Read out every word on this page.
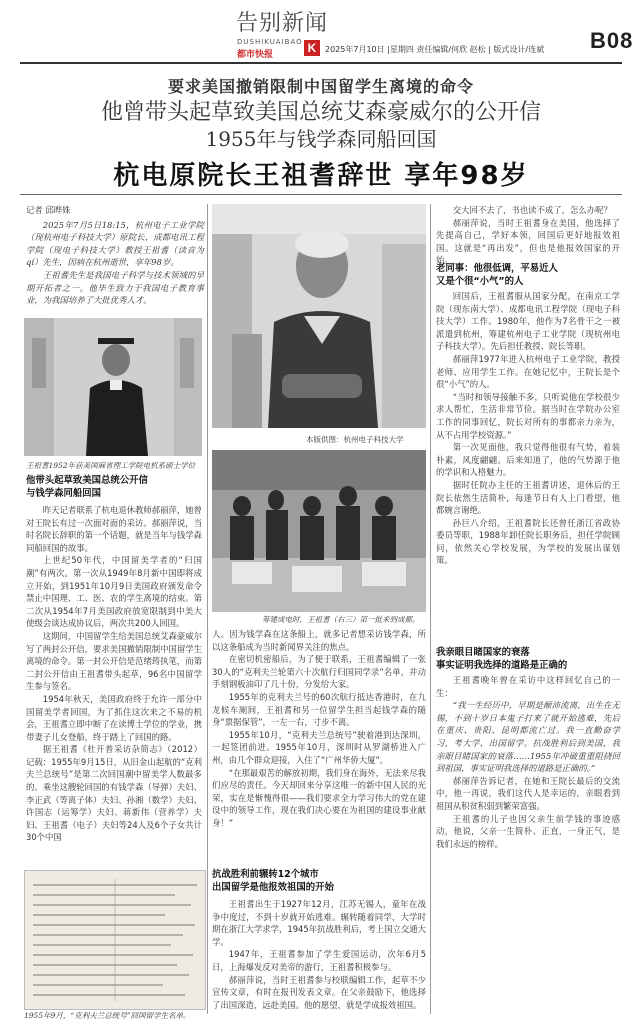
告别新闻
DUSHIKUAIBAO
都市快报	K	2025年7月10日 |星期四 责任编辑/何欣 赵松 | 版式设计/连斌 B08
要求美国撤销限制中国留学生离境的命令
他曾带头起草致美国总统艾森豪威尔的公开信
1955年与钱学森同船回国
杭电原院长王祖耆辞世 享年98岁

记者 邱晔姝

2025年7月5日18:15，杭州电子工业学院（现杭州电子科技大学）原院长、成都电讯工程学院（现电子科技大学）教授王祖耆（读音为qí）先生，因病在杭州逝世，享年98岁。

王祖耆先生是我国电子科学与技术领域的早期开拓者之一。他毕生致力于我国电子教育事业，为我国培养了大批优秀人才。

王祖耆1952年获美国麻省理工学院电机系硕士学位
本版供图：杭州电子科技大学
筹建成电时，王祖耆（右三）第一批来到成都。
他带头起草致美国总统公开信
与钱学森同船回国

昨天记者联系了杭电退休教师郝丽萍，她曾对王院长有过一次面对面的采访。郝丽萍说，当时名院长辞职的第一个话题，就是当年与钱学森同船回国的故事。

上世纪50年代，中国留美学者的“归国潮”有两次。第一次从1949年8月新中国即将成立开始，到1951年10月9日美国政府颁发命令禁止中国理、工、医、农的学生离境的结束。第二次从1954年7月美国政府放宽限制到中美大使级会谈达成协议后，两次共200人回国。

这期间，中国留学生给美国总统艾森豪威尔写了两封公开信，要求美国撤销限制中国留学生离境的命令。第一封公开信是范绪筠执笔，而第二封公开信由王祖耆带头起草，96名中国留学生参与签名。

1954年秋天，美国政府终于允许一部分中国留美学者回国，为了抓住这次来之不易的机会，王祖耆立即中断了在读博士学位的学业，携带妻子儿女登船，终于踏上了回国的路。

据王祖耆《杜开普采访杂简志》（2012）记载：1955年9月15日，从旧金山起航的“克利夫兰总统号”是第二次回国潮中留美学人数最多的。乘坐这艘轮回国的有钱学森（导弹）夫妇、李正武（等离子体）夫妇、孙湘（数学）夫妇、许国志（运筹学）夫妇、蒋新伟（营养学）夫妇、王祖耆（电子）夫妇等24人及6个子女共计30个中国

1955年9月，“克利夫兰总统号”回国留学生名单。

人。因为钱学森在这条船上，就多记者想采访钱学森，所以这条船成为当时新闻界关注的焦点。

在密切机密船后，为了便于联系，王祖耆编辑了一张30人的“克利夫兰轮第六十次航行归国同学录”名单，并动手刻钢板油印了几十份，分发给大家。

1955年的克利夫兰号的60次航行抵达香港时，在九龙候车厕间，王祖耆和另一位留学生担当起钱学森的随身“票据保管”，一左一右，寸步不离。

1955年10月，“克利夫兰总统号”驶着港到达深圳，一起签团前进。1955年10月，深圳时从罗湖桥进入广州，由几个群众迎接，入住了“广州华侨大厦”。

“在那最艰苦的解放初期，我们身在海外，无法来尽我们应尽的责任。今天却回来分享这唯一的新中国人民的光荣，实在是惭愧得很——我们要求全力学习伟大的党在建设中的领导工作，现在我们决心要在为祖国的建设事业献身！”

抗战胜利前辗转12个城市
出国留学是他报效祖国的开始

王祖耆出生于1927年12月，江苏无锡人，童年在战争中度过，不到十岁就开始逃难。辗转随着同学，大学时期在浙江大学求学，1945年抗战胜利后，考上国立交通大学。

1947年，王祖耆参加了学生爱国运动，次年6月5日，上海爆发反对美帝的游行，王祖耆积极参与。

郝丽萍说，当时王祖耆参与校联编辑工作，起草不少宣传文章，有时在报刊发表文章。在父亲鼓励下，他选择了出国深造，远赴美国。他的愿望，就是学成报效祖国。

交大回不去了，书也读不成了，怎么办呢？

郝丽萍说，当时王祖耆身在美国，他选择了先提高自己，学好本领，回国后更好地报效祖国。这就是“再出发”，但也是他报效国家的开始。

老同事：他很低调，平易近人
又是个很“小气”的人

回国后，王祖耆服从国家分配，在南京工学院（现东南大学）、成都电讯工程学院（现电子科技大学）工作。1980年，他作为7名骨干之一被派遣到杭州，筹建杭州电子工业学院（现杭州电子科技大学）。先后担任教授、院长等职。

郝丽萍1977年进入杭州电子工业学院，教授老师、应用学生工作。在她记忆中，王院长是个很“小气”的人。

“当时和领导接触不多，只听说他在学校很少求人帮忙，生活非常节俭。据当时在学院办公室工作的同事回忆，院长对所有的事都亲力亲为，从不占用学校资源。”

第一次见面他，我只觉得他很有气势，着装朴素，风度翩翩。后来知道了，他的气势源于他的学识和人格魅力。

据时任院办主任的王祖耆讲述，退休后的王院长依然生活简朴，每逢节日有人上门看望，他都婉言谢绝。

孙巨八介绍，王祖耆院长还曾任浙江省政协委员等职，1988年卸任院长职务后，担任学院顾问，依然关心学校发展，为学校的发展出谋划策。

我亲眼目睹国家的衰落
事实证明我选择的道路是正确的

王祖耆晚年曾在采访中这样回忆自己的一生：

“我一生经历中，早期是颠沛流离，出生在无锡，不到十岁日本鬼子打来了就开始逃难，先后在重庆、贵阳、昆明都流亡过。我一直勤奋学习，考大学、出国留学。抗战胜利后到美国，我亲眼目睹国家的衰落……1955年冲破重重阻挠回到祖国，事实证明我选择的道路是正确的。”

郝丽萍告诉记者，在她和王院长最后的交流中，他一再说，我们这代人是幸运的，亲眼看到祖国从积贫积弱到繁荣富强。

王祖耆的儿子也因父亲生前学钱的事迹感动，他说，父亲一生简朴、正直，一身正气，是我们永远的榜样。
